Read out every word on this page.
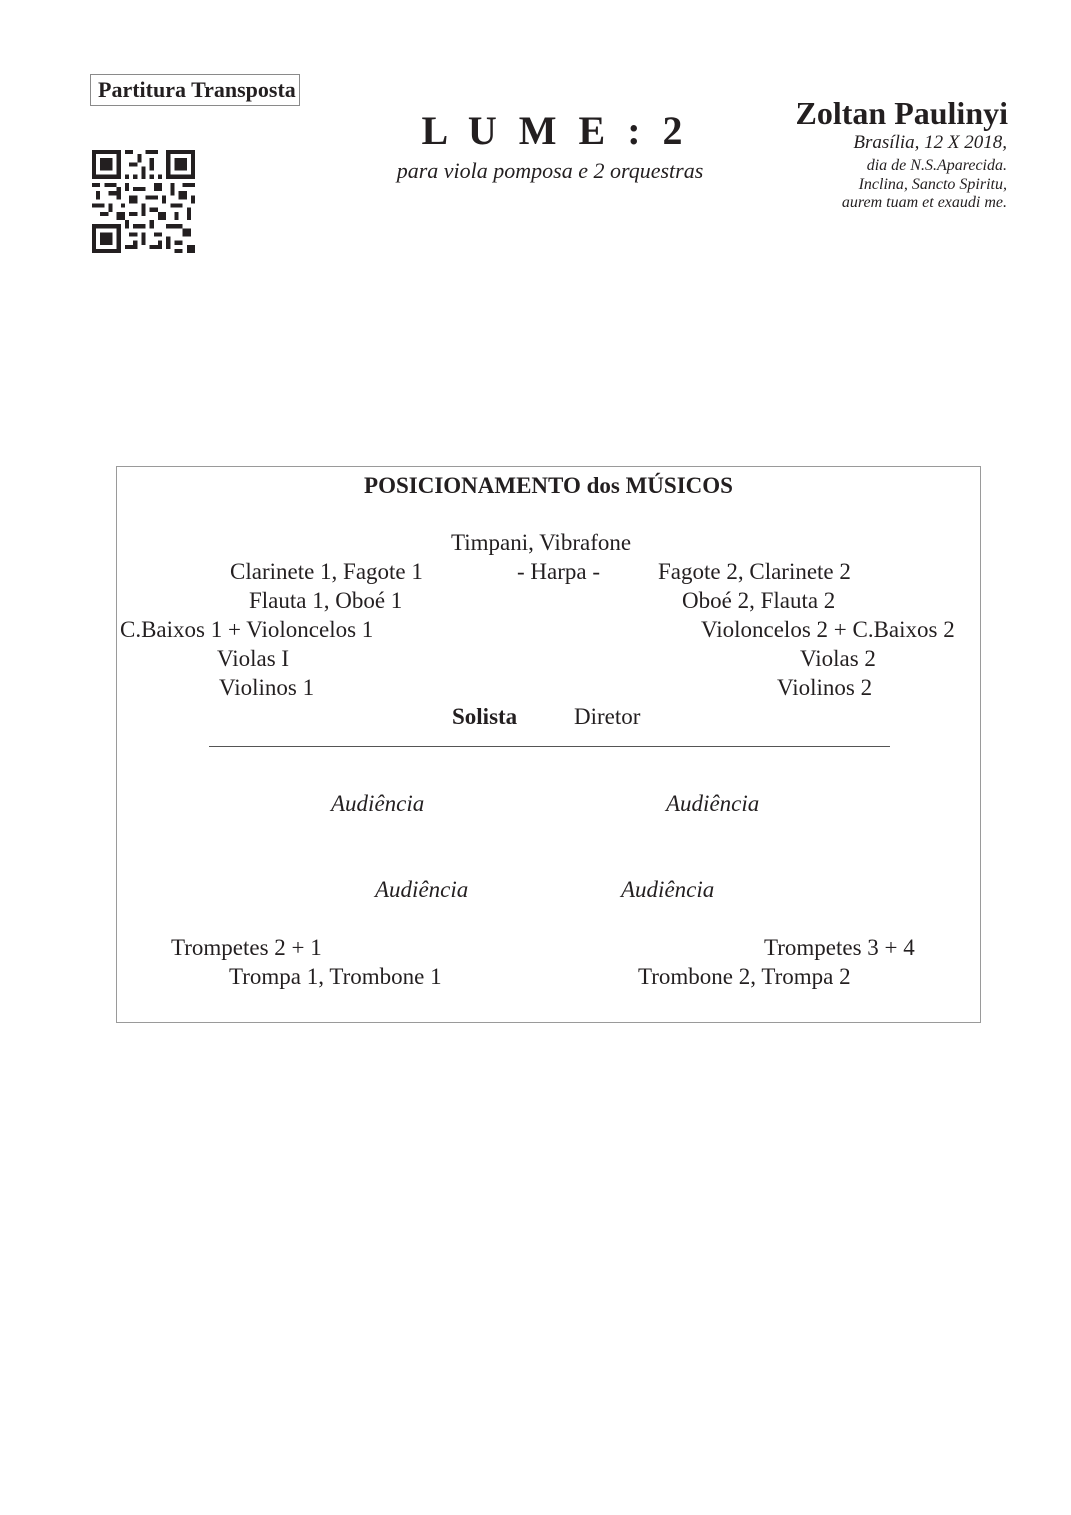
Partitura Transposta
L U M E : 2
para viola pomposa e 2 orquestras
Zoltan Paulinyi
Brasília, 12 X 2018,
dia de N.S.Aparecida.
Inclina, Sancto Spiritu,
aurem tuam et exaudi me.
POSICIONAMENTO dos MÚSICOS
Timpani, Vibrafone
Clarinete 1, Fagote 1	- Harpa -	Fagote 2, Clarinete 2
Flauta 1, Oboé 1	Oboé 2, Flauta 2
C.Baixos 1 + Violoncelos 1	Violoncelos 2 + C.Baixos 2
Violas I	Violas 2
Violinos 1	Violinos 2
Solista Diretor
Audiência	Audiência
Audiência	Audiência
Trompetes 2 + 1	Trompetes 3 + 4
Trompa 1, Trombone 1	Trombone 2, Trompa 2
